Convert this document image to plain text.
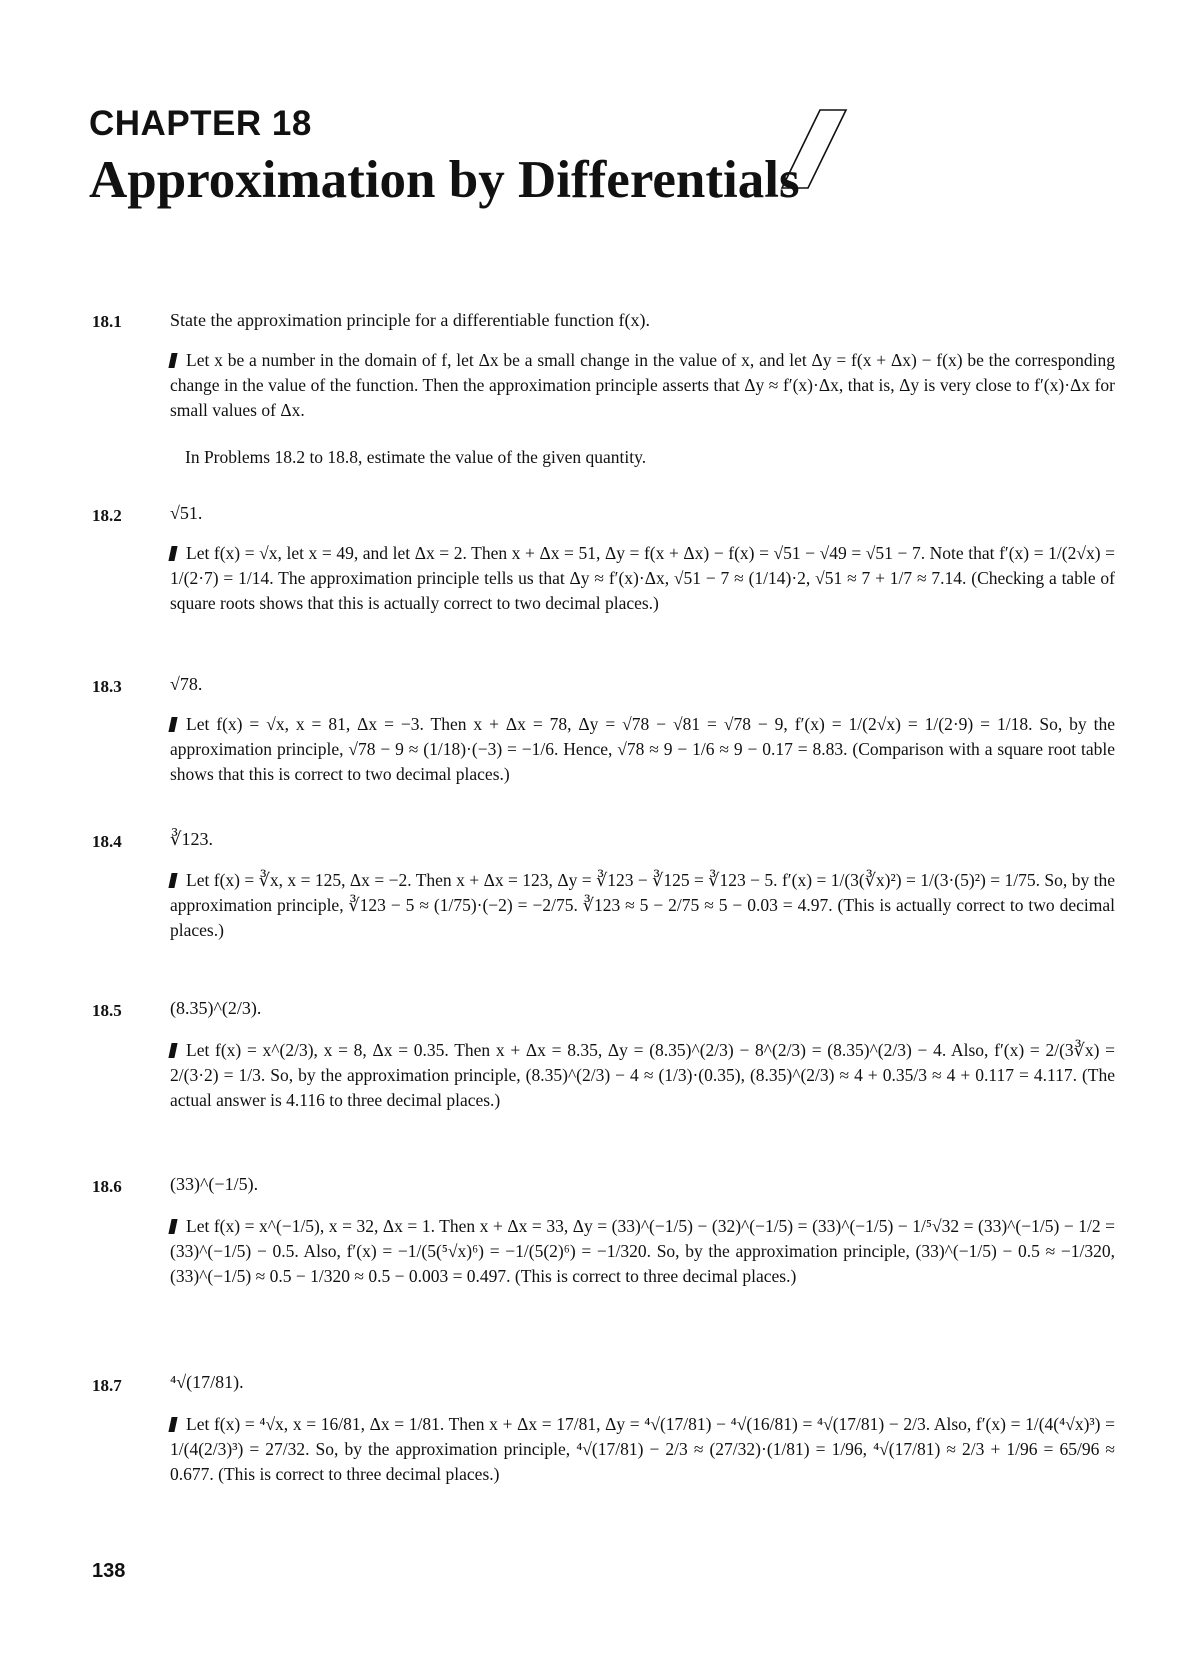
CHAPTER 18
Approximation by Differentials
18.1	State the approximation principle for a differentiable function f(x).
Let x be a number in the domain of f, let Δx be a small change in the value of x, and let Δy = f(x + Δx) − f(x) be the corresponding change in the value of the function. Then the approximation principle asserts that Δy ≈ f′(x)·Δx, that is, Δy is very close to f′(x)·Δx for small values of Δx.
In Problems 18.2 to 18.8, estimate the value of the given quantity.
18.2	√51.
Let f(x) = √x, let x = 49, and let Δx = 2. Then x + Δx = 51, Δy = f(x + Δx) − f(x) = √51 − √49 = √51 − 7. Note that f′(x) = 1/(2√x) = 1/(2·7) = 1/14. The approximation principle tells us that Δy ≈ f′(x)·Δx, √51 − 7 ≈ (1/14)·2, √51 ≈ 7 + 1/7 ≈ 7.14. (Checking a table of square roots shows that this is actually correct to two decimal places.)
18.3	√78.
Let f(x) = √x, x = 81, Δx = −3. Then x + Δx = 78, Δy = √78 − √81 = √78 − 9, f′(x) = 1/(2√x) = 1/(2·9) = 1/18. So, by the approximation principle, √78 − 9 ≈ (1/18)·(−3) = −1/6. Hence, √78 ≈ 9 − 1/6 ≈ 9 − 0.17 = 8.83. (Comparison with a square root table shows that this is correct to two decimal places.)
18.4	∛123.
Let f(x) = ∛x, x = 125, Δx = −2. Then x + Δx = 123, Δy = ∛123 − ∛125 = ∛123 − 5. f′(x) = 1/(3(∛x)²) = 1/(3·(5)²) = 1/75. So, by the approximation principle, ∛123 − 5 ≈ (1/75)·(−2) = −2/75. ∛123 ≈ 5 − 2/75 ≈ 5 − 0.03 = 4.97. (This is actually correct to two decimal places.)
18.5	(8.35)^(2/3).
Let f(x) = x^(2/3), x = 8, Δx = 0.35. Then x + Δx = 8.35, Δy = (8.35)^(2/3) − 8^(2/3) = (8.35)^(2/3) − 4. Also, f′(x) = 2/(3∛x) = 2/(3·2) = 1/3. So, by the approximation principle, (8.35)^(2/3) − 4 ≈ (1/3)·(0.35), (8.35)^(2/3) ≈ 4 + 0.35/3 ≈ 4 + 0.117 = 4.117. (The actual answer is 4.116 to three decimal places.)
18.6	(33)^(−1/5).
Let f(x) = x^(−1/5), x = 32, Δx = 1. Then x + Δx = 33, Δy = (33)^(−1/5) − (32)^(−1/5) = (33)^(−1/5) − 1/⁵√32 = (33)^(−1/5) − 1/2 = (33)^(−1/5) − 0.5. Also, f′(x) = −1/(5(⁵√x)⁶) = −1/(5(2)⁶) = −1/320. So, by the approximation principle, (33)^(−1/5) − 0.5 ≈ −1/320, (33)^(−1/5) ≈ 0.5 − 1/320 ≈ 0.5 − 0.003 = 0.497. (This is correct to three decimal places.)
18.7	⁴√(17/81).
Let f(x) = ⁴√x, x = 16/81, Δx = 1/81. Then x + Δx = 17/81, Δy = ⁴√(17/81) − ⁴√(16/81) = ⁴√(17/81) − 2/3. Also, f′(x) = 1/(4(⁴√x)³) = 1/(4(2/3)³) = 27/32. So, by the approximation principle, ⁴√(17/81) − 2/3 ≈ (27/32)·(1/81) = 1/96, ⁴√(17/81) ≈ 2/3 + 1/96 = 65/96 ≈ 0.677. (This is correct to three decimal places.)
138
